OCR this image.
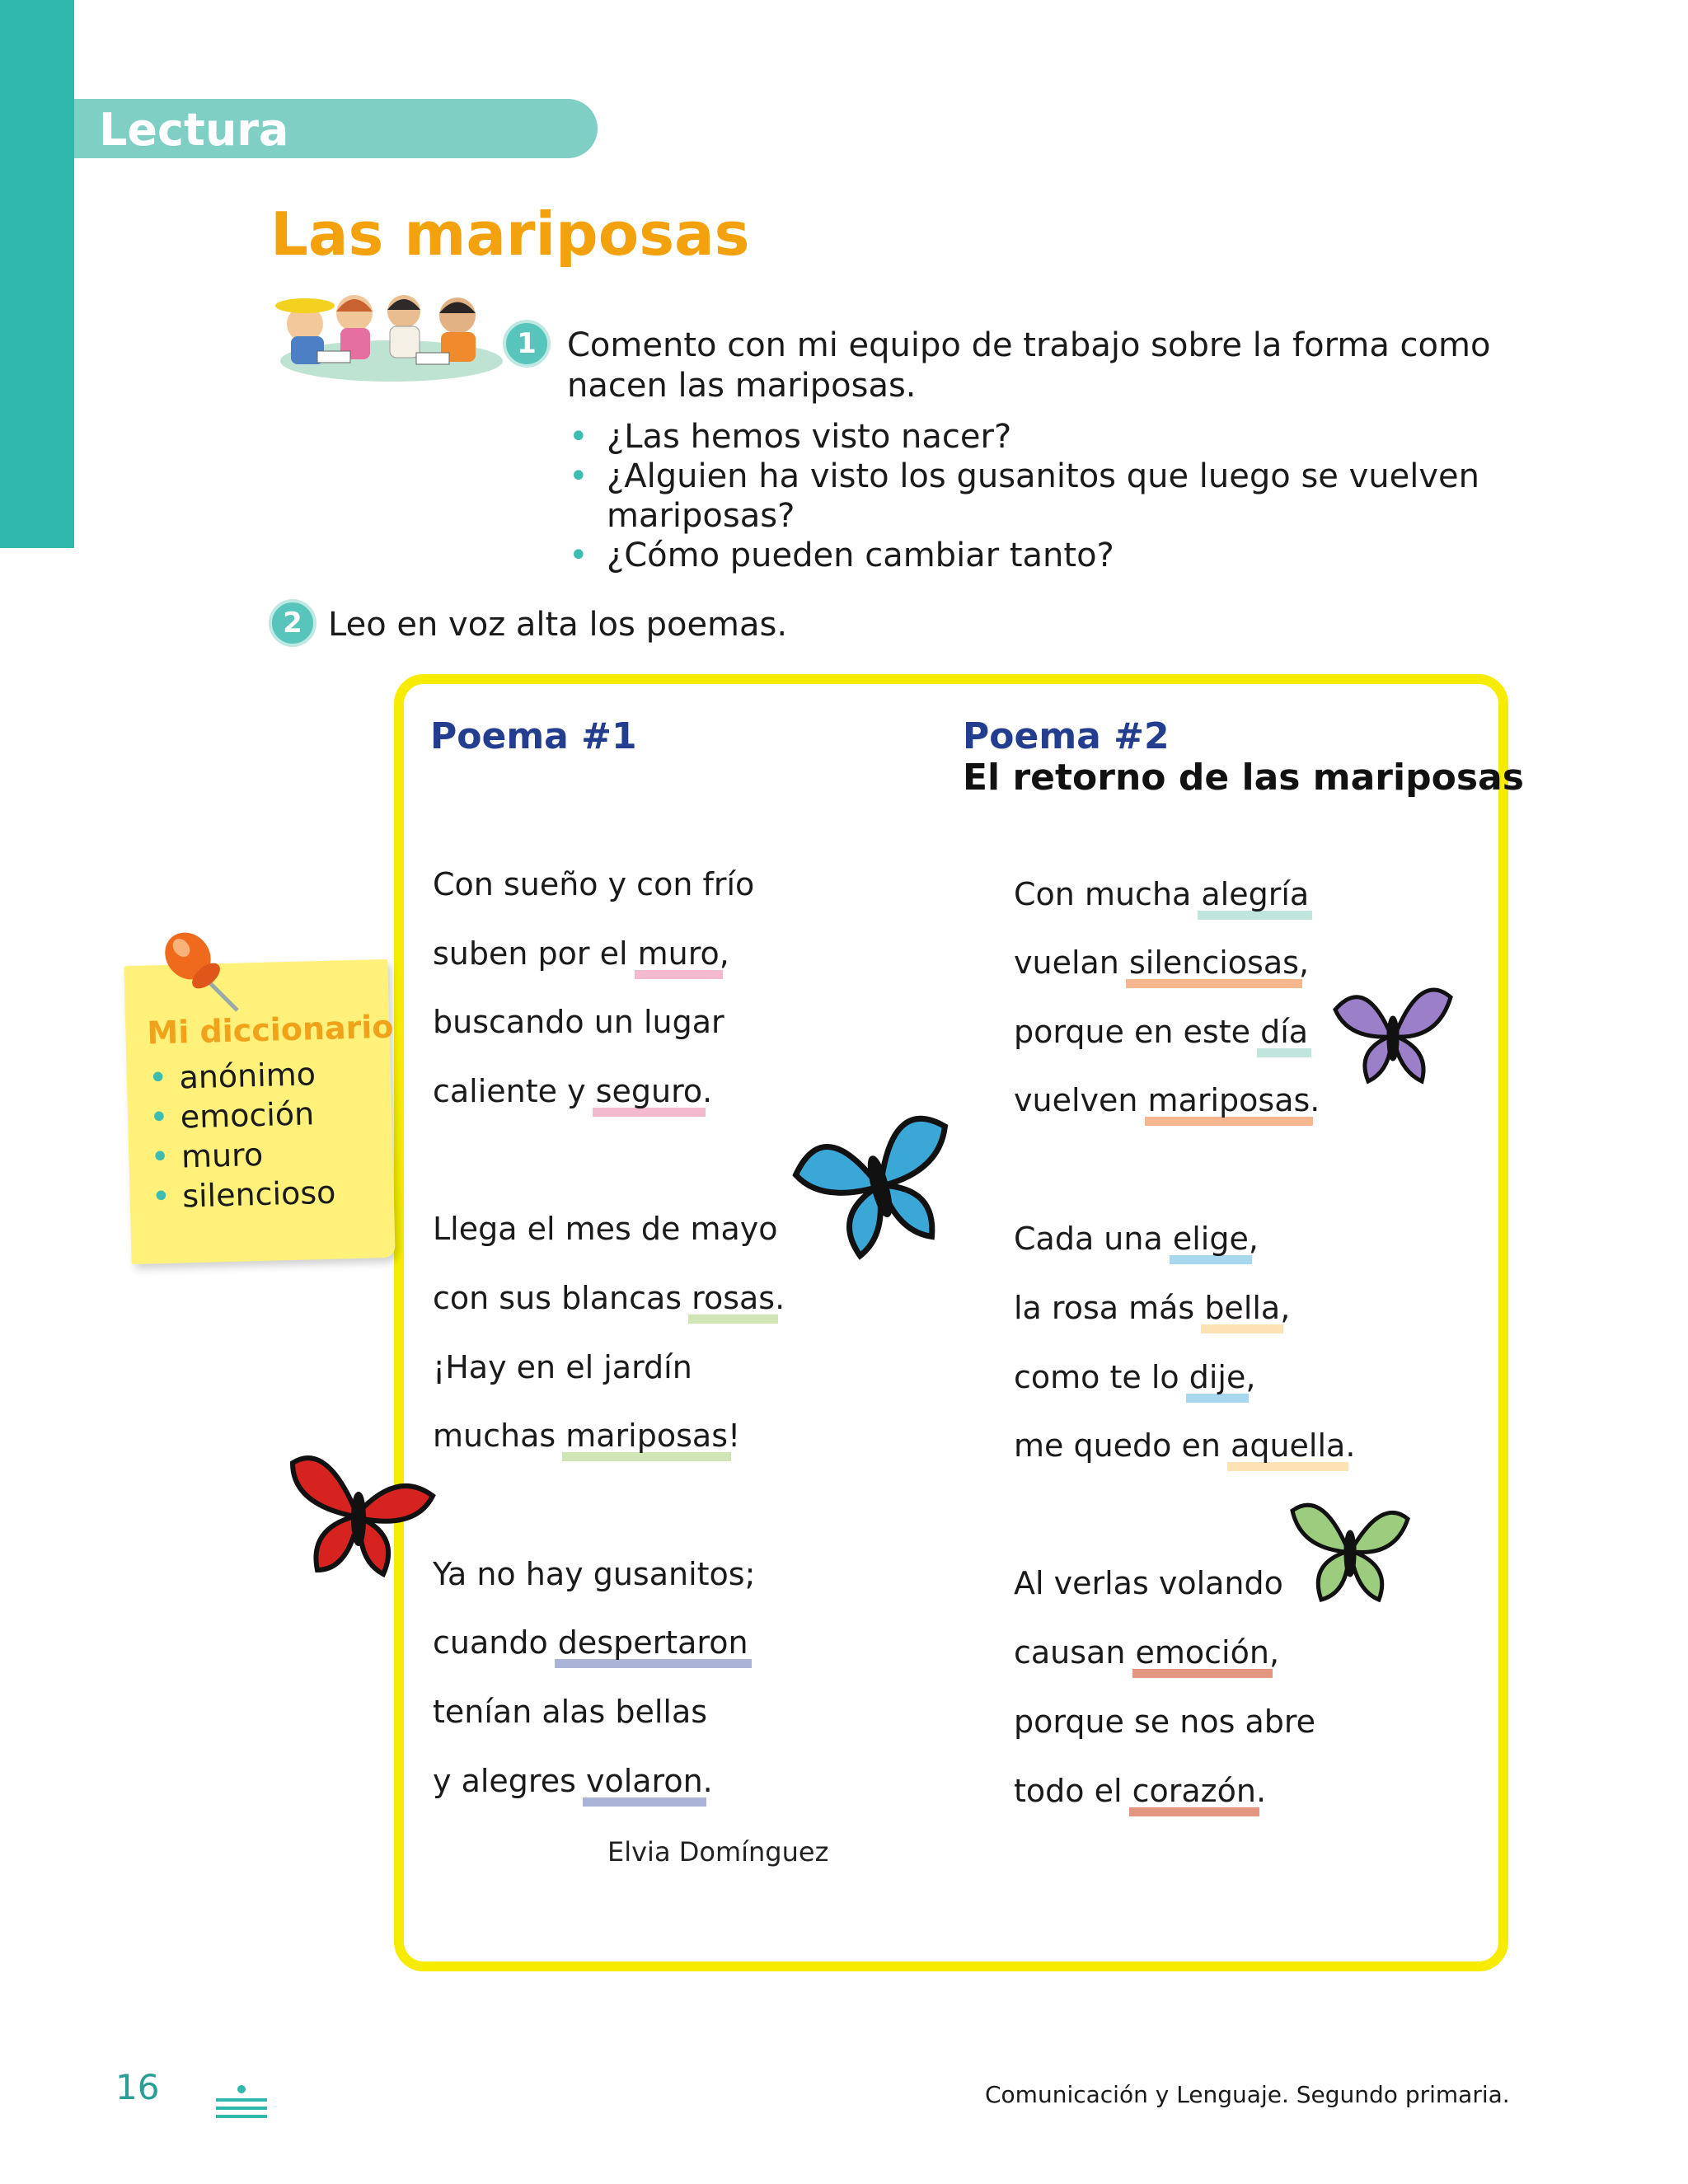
Lectura
Las mariposas
1 Comento con mi equipo de trabajo sobre la forma como
nacen las mariposas.
• ¿Las hemos visto nacer?
• ¿Alguien ha visto los gusanitos que luego se vuelven
mariposas?
• ¿Cómo pueden cambiar tanto?
2 Leo en voz alta los poemas.
Poema #1	Poema #2
El retorno de las mariposas
Con sueño y con frío
suben por el muro,
buscando un lugar
caliente y seguro.
Llega el mes de mayo
con sus blancas rosas.
¡Hay en el jardín
muchas mariposas!
Ya no hay gusanitos;
cuando despertaron
tenían alas bellas
y alegres volaron.
Elvia Domínguez
Con mucha alegría
vuelan silenciosas,
porque en este día
vuelven mariposas.
Cada una elige,
la rosa más bella,
como te lo dije,
me quedo en aquella.
Al verlas volando
causan emoción,
porque se nos abre
todo el corazón.
Mi diccionario
• anónimo
• emoción
• muro
• silencioso
16	Comunicación y Lenguaje. Segundo primaria.
